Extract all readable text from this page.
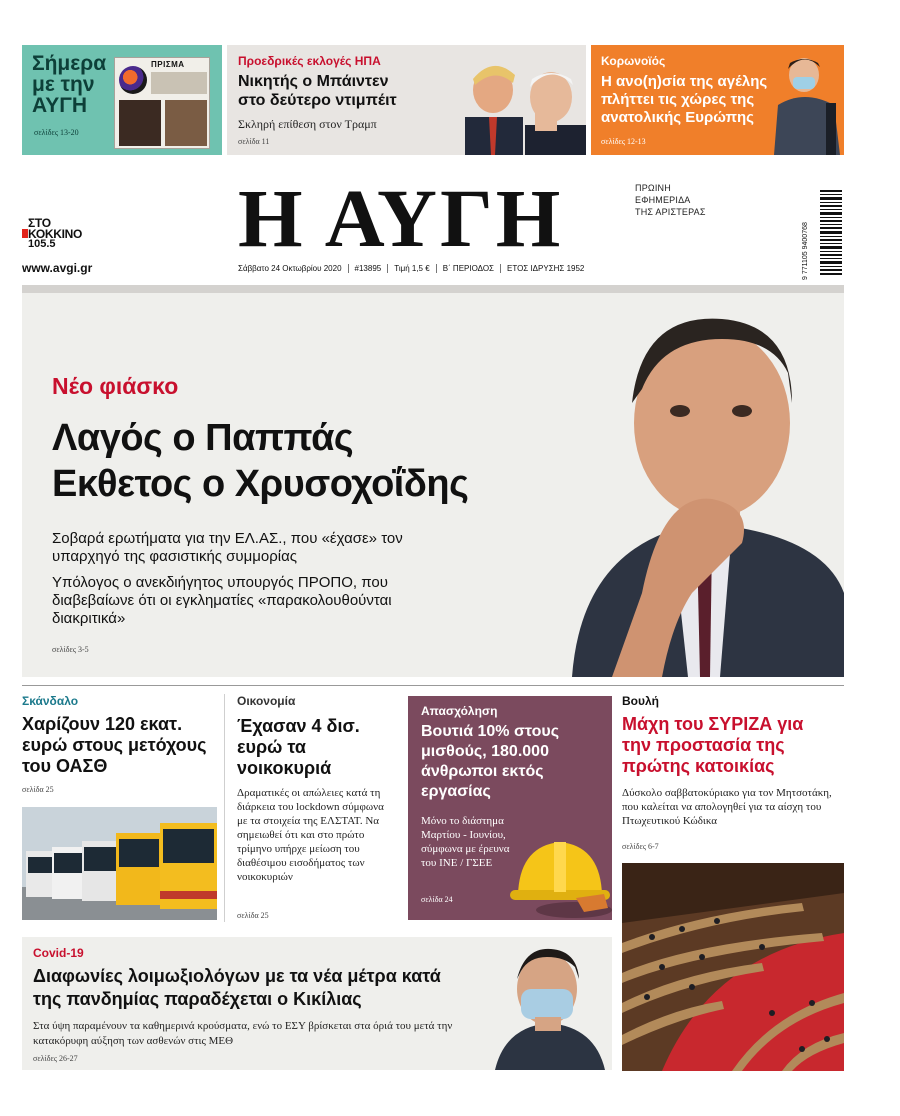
Σήμερα με την ΑΥΓΗ
ΠΡΙΣΜΑ
σελίδες 13-20
Προεδρικές εκλογές ΗΠΑ
Νικητής ο Μπάιντεν στο δεύτερο ντιμπέιτ
Σκληρή επίθεση στον Τραμπ
σελίδα 11
Κορωνοϊός
Η ανο(η)σία της αγέλης πλήττει τις χώρες της ανατολικής Ευρώπης
σελίδες 12-13
ΣΤΟ
ΚΟΚΚΙΝΟ
105.5
www.avgi.gr
Η ΑΥΓΗ	ΠΡΩΙΝΗ
ΕΦΗΜΕΡΙΔΑ
ΤΗΣ ΑΡΙΣΤΕΡΑΣ
Σάββατο 24 Οκτωβρίου 2020	#13895	Τιμή 1,5 €	Β΄ ΠΕΡΙΟΔΟΣ	ΕΤΟΣ ΙΔΡΥΣΗΣ 1952	9 771105 9400768
Νέο φιάσκο
Λαγός ο Παππάς
Εκθετος ο Χρυσοχοΐδης

Σοβαρά ερωτήματα για την ΕΛ.ΑΣ., που «έχασε» τον υπαρχηγό της φασιστικής συμμορίας

Υπόλογος ο ανεκδιήγητος υπουργός ΠΡΟΠΟ, που διαβεβαίωνε ότι οι εγκληματίες «παρακολουθούνται διακριτικά»

σελίδες 3-5
Σκάνδαλο
Χαρίζουν 120 εκατ. ευρώ στους μετόχους του ΟΑΣΘ
σελίδα 25
Οικονομία
Έχασαν 4 δισ. ευρώ τα νοικοκυριά
Δραματικές οι απώλειες κατά τη διάρκεια του lockdown σύμφωνα με τα στοιχεία της ΕΛΣΤΑΤ. Να σημειωθεί ότι και στο πρώτο τρίμηνο υπήρχε μείωση του διαθέσιμου εισοδήματος των νοικοκυριών
σελίδα 25
Απασχόληση
Βουτιά 10% στους μισθούς, 180.000 άνθρωποι εκτός εργασίας
Μόνο το διάστημα Μαρτίου - Ιουνίου, σύμφωνα με έρευνα του ΙΝΕ / ΓΣΕΕ
σελίδα 24
Βουλή
Μάχη του ΣΥΡΙΖΑ για την προστασία της πρώτης κατοικίας
Δύσκολο σαββατοκύριακο για τον Μητσοτάκη, που καλείται να απολογηθεί για τα αίσχη του Πτωχευτικού Κώδικα
σελίδες 6-7
Covid-19
Διαφωνίες λοιμωξιολόγων με τα νέα μέτρα κατά της πανδημίας παραδέχεται ο Κικίλιας
Στα ύψη παραμένουν τα καθημερινά κρούσματα, ενώ το ΕΣΥ βρίσκεται στα όριά του μετά την κατακόρυφη αύξηση των ασθενών στις ΜΕΘ
σελίδες 26-27
